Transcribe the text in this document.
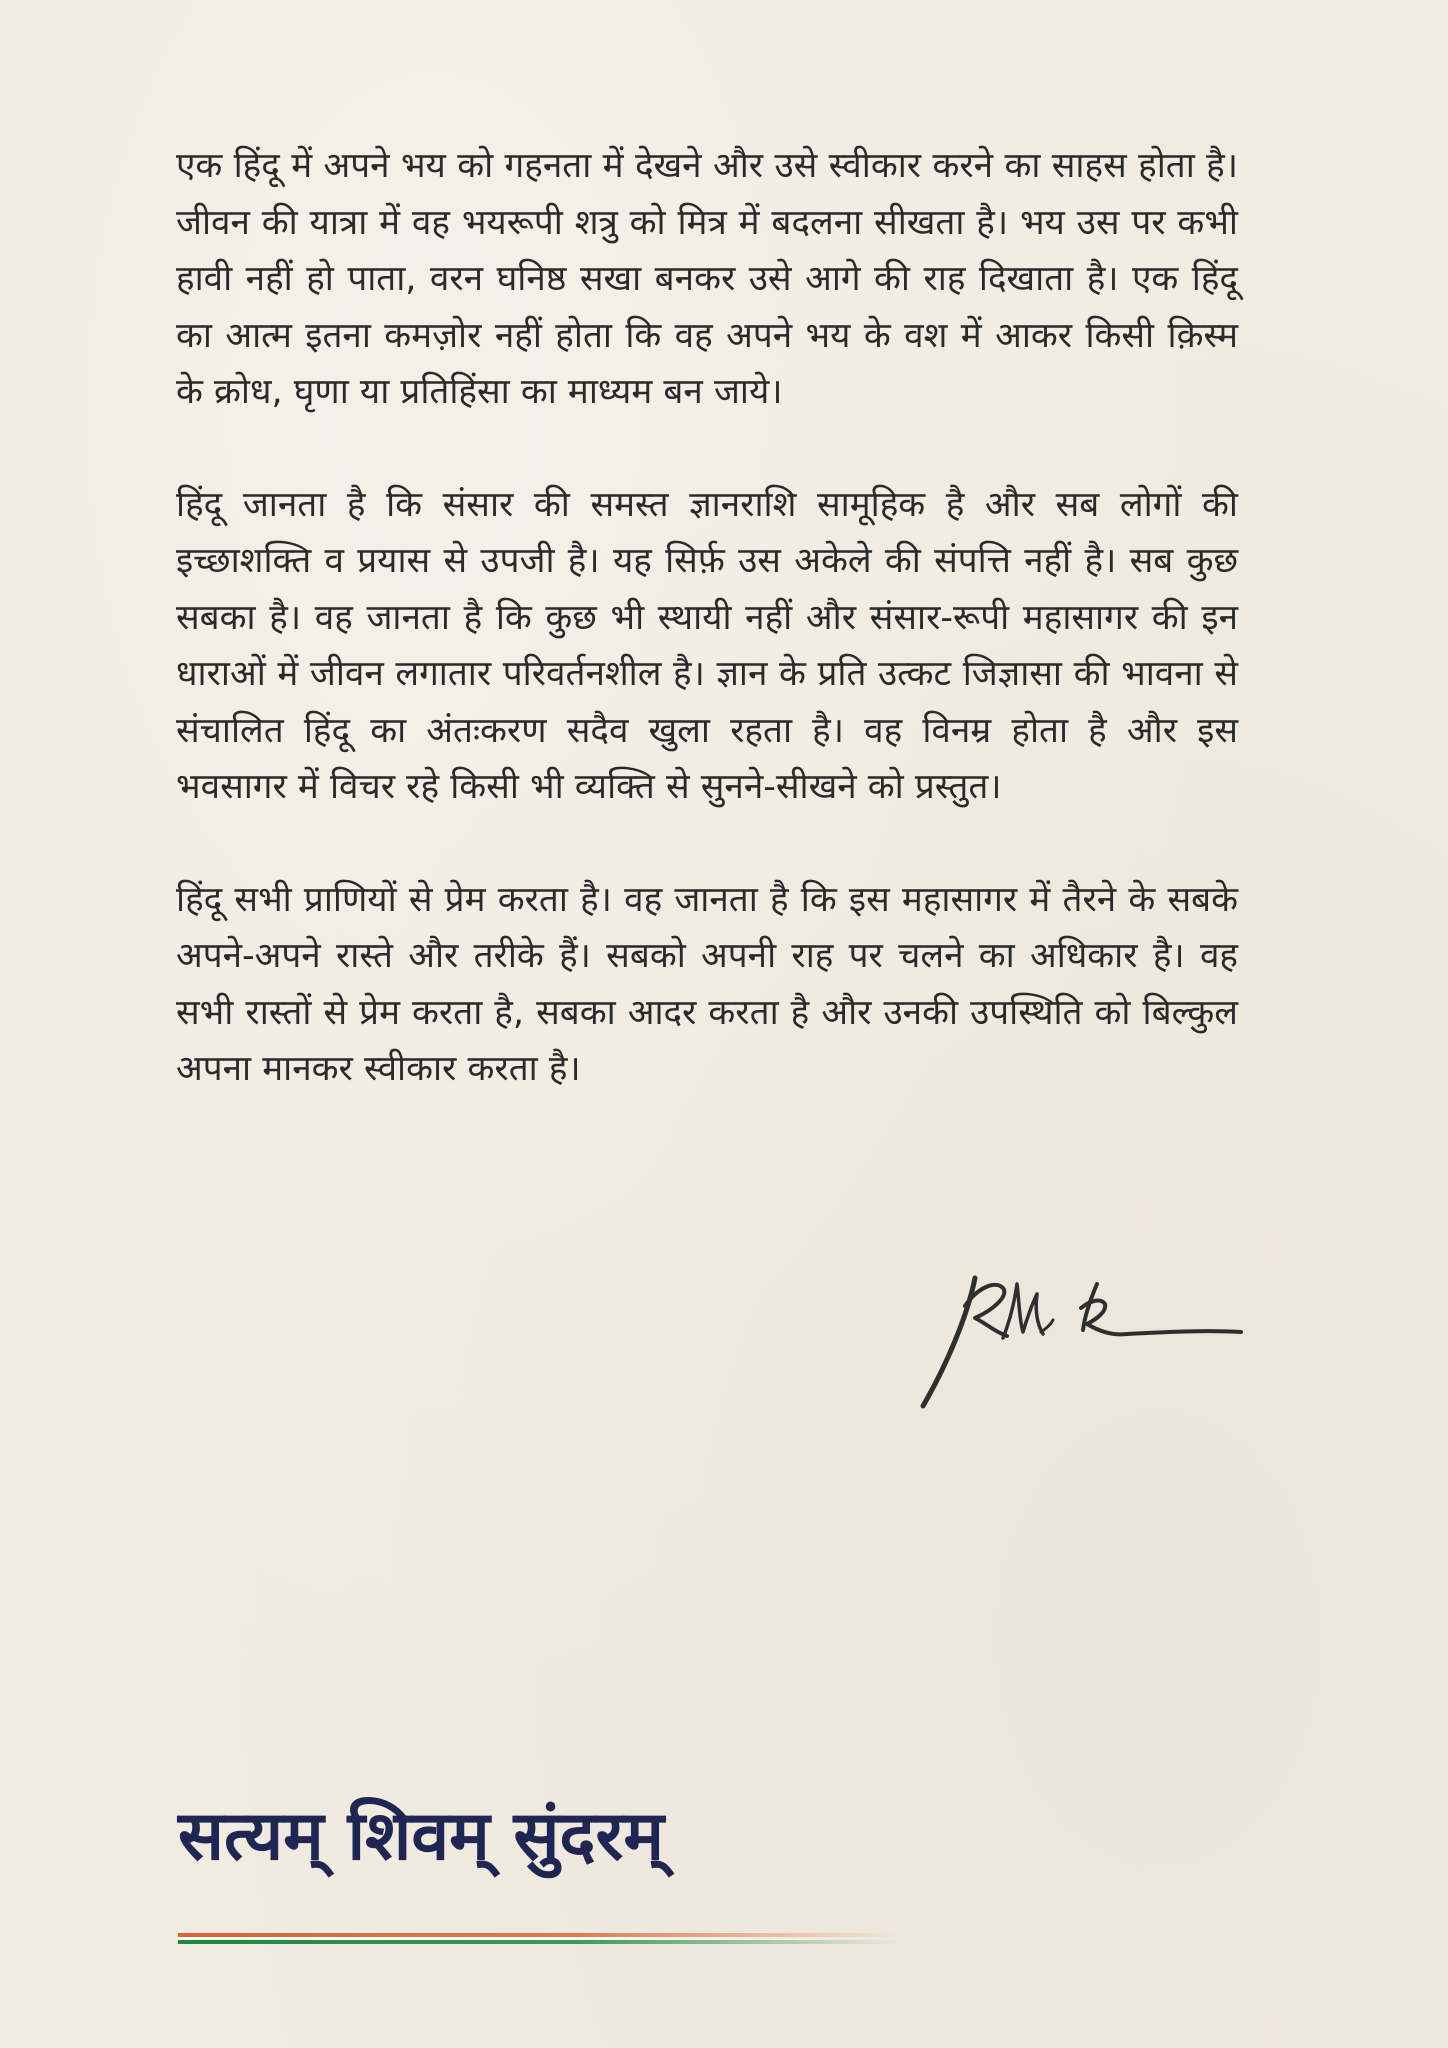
एक हिंदू में अपने भय को गहनता में देखने और उसे स्वीकार करने का साहस होता है। जीवन की यात्रा में वह भयरूपी शत्रु को मित्र में बदलना सीखता है। भय उस पर कभी हावी नहीं हो पाता, वरन घनिष्ठ सखा बनकर उसे आगे की राह दिखाता है। एक हिंदू का आत्म इतना कमज़ोर नहीं होता कि वह अपने भय के वश में आकर किसी क़िस्म के क्रोध, घृणा या प्रतिहिंसा का माध्यम बन जाये।

हिंदू जानता है कि संसार की समस्त ज्ञानराशि सामूहिक है और सब लोगों की इच्छाशक्ति व प्रयास से उपजी है। यह सिर्फ़ उस अकेले की संपत्ति नहीं है। सब कुछ सबका है। वह जानता है कि कुछ भी स्थायी नहीं और संसार-रूपी महासागर की इन धाराओं में जीवन लगातार परिवर्तनशील है। ज्ञान के प्रति उत्कट जिज्ञासा की भावना से संचालित हिंदू का अंतःकरण सदैव खुला रहता है। वह विनम्र होता है और इस भवसागर में विचर रहे किसी भी व्यक्ति से सुनने-सीखने को प्रस्तुत।

हिंदू सभी प्राणियों से प्रेम करता है। वह जानता है कि इस महासागर में तैरने के सबके अपने-अपने रास्ते और तरीके हैं। सबको अपनी राह पर चलने का अधिकार है। वह सभी रास्तों से प्रेम करता है, सबका आदर करता है और उनकी उपस्थिति को बिल्कुल अपना मानकर स्वीकार करता है।

सत्यम् शिवम् सुंदरम्
